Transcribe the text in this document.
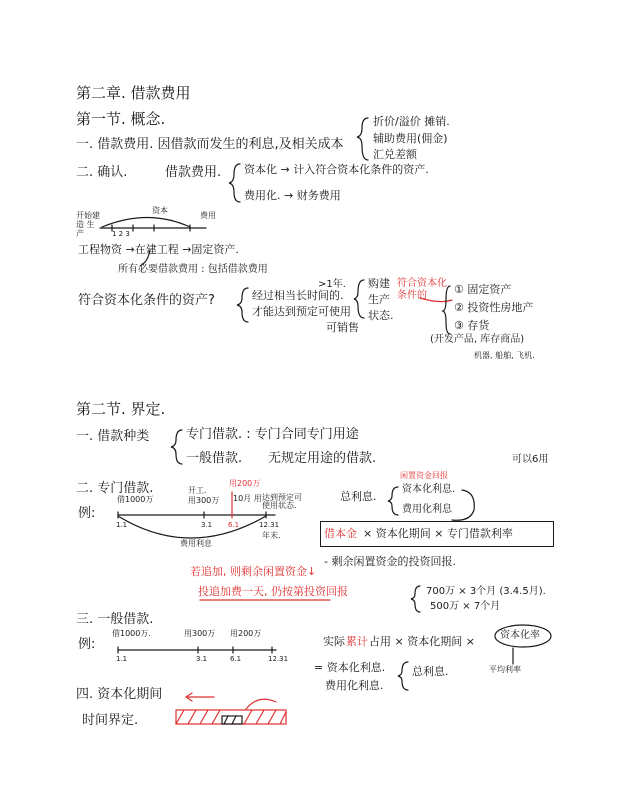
第二章. 借款费用
第一节. 概念.
一. 借款费用. 因借款而发生的利息,及相关成本
折价/溢价 摊销.
辅助费用(佣金)
汇兑差额
二. 确认.	借款费用. 资本化 → 计入符合资本化条件的资产.
费用化. → 财务费用
开始建造 生产
资本
费用
1 2 3
工程物资 →在建工程 →固定资产.
所有必要借款费用 : 包括借款费用
符合资本化条件的资产?	经过相当长时间的.
才能达到预定可使用
可销售
>1年. 购建
生产
状态.
符合资本化 条件的	① 固定资产
② 投资性房地产
③ 存货
(开发产品, 库存商品)
机器, 船舶, 飞机.
第二节. 界定.
一. 借款种类	专门借款. : 专门合同专门用途
一般借款. 无规定用途的借款.	可以6用
二. 专门借款.
例:
借1000万
开工.
用300万
用200万
10月 用 达到预定可使用状态.
1.1	3.1 6.1	12.31
年末.
费用利息
总利息.
闲置资金回报
资本化利息.
费用化利息
借本金 × 资本化期间 × 专门借款利率
- 剩余闲置资金的投资回报.
若追加, 则剩余闲置资金↓
投追加费一天, 仍按第投资回报	700万 × 3个月 (3.4.5月).
500万 × 7个月
三. 一般借款.
例:
借1000万.	用300万 用200万
1.1	3.1	6.1	12.31
实际 累计 占用 × 资本化期间 ×	资本化率
平均利率
= 资本化利息.
费用化利息.
总利息.
四. 资本化期间
时间界定.
